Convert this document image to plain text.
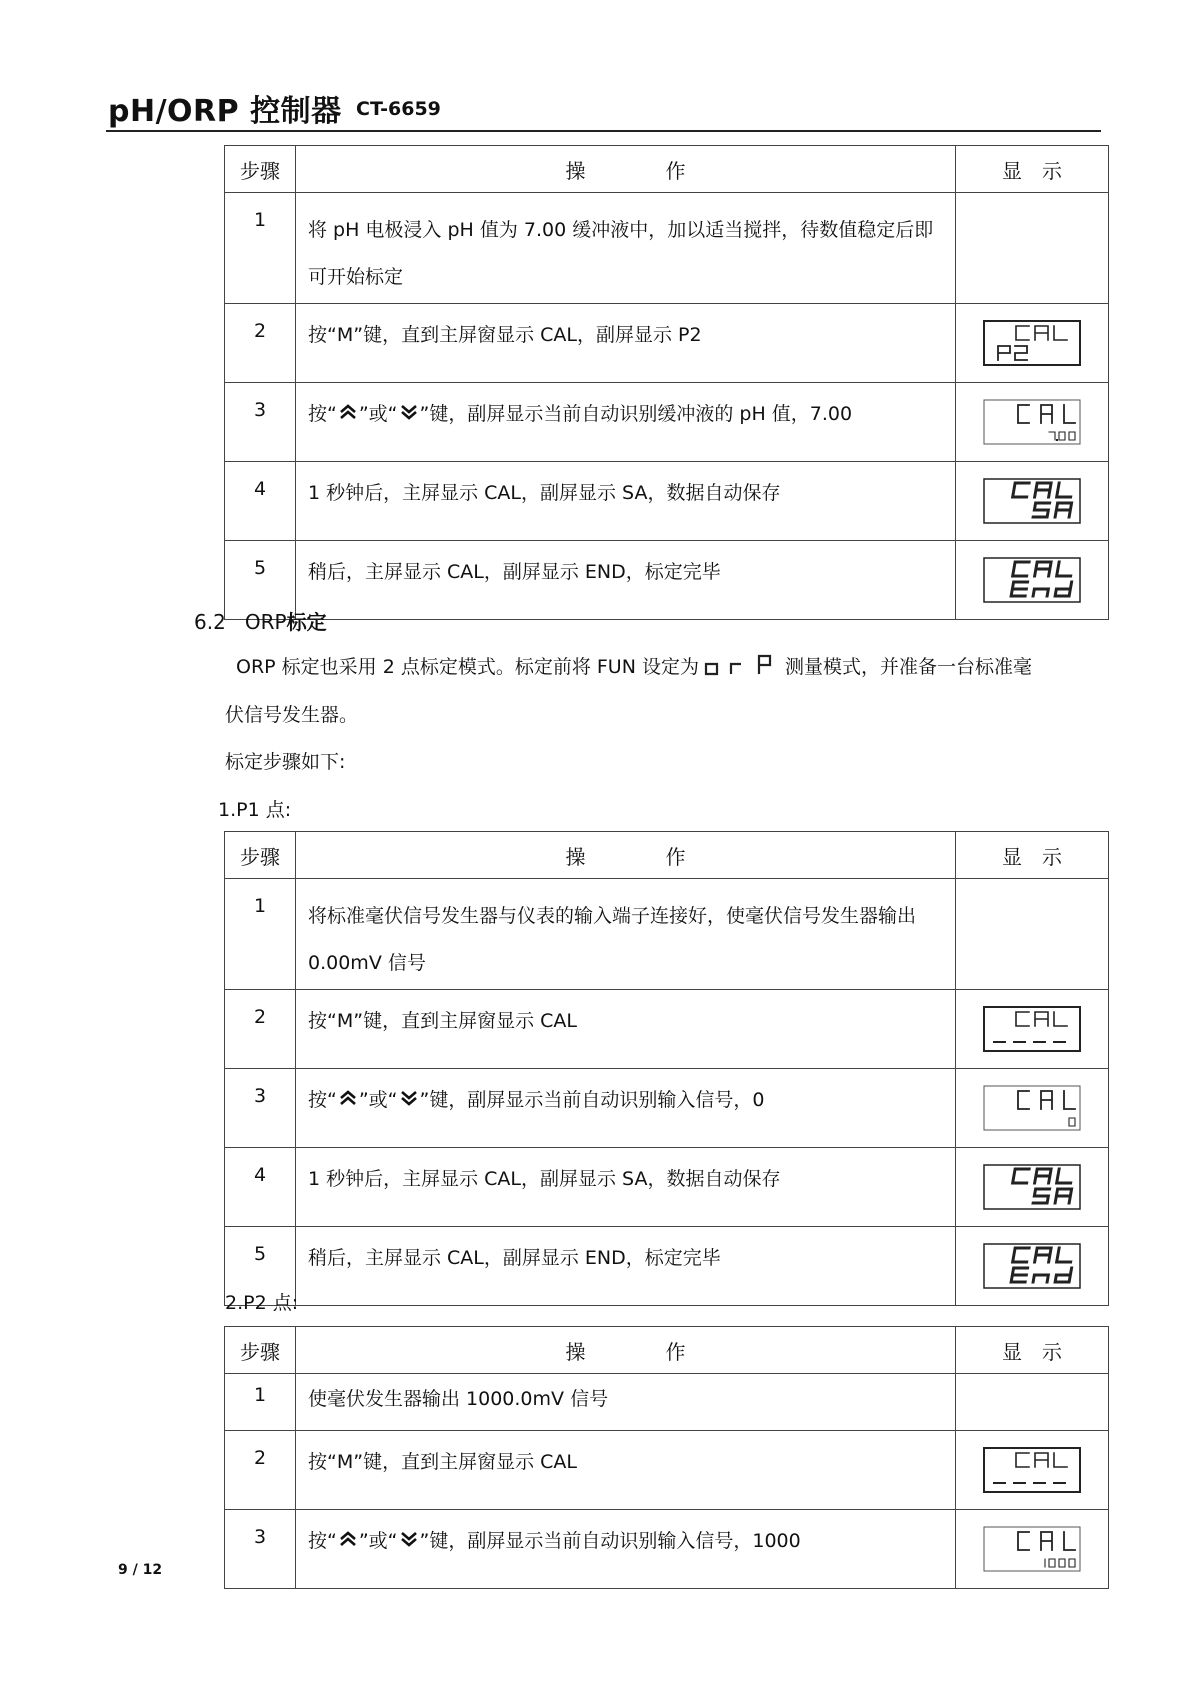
pH/ORP 控制器 CT-6659
步骤	操　　　　作	显　示
1	将 pH 电极浸入 pH 值为 7.00 缓冲液中，加以适当搅拌，待数值稳定后即可开始标定	
2	按“M”键，直到主屏窗显示 CAL，副屏显示 P2	

3	按“ ”或“ ”键，副屏显示当前自动识别缓冲液的 pH 值，7.00	

4	1 秒钟后，主屏显示 CAL，副屏显示 SA，数据自动保存	

5	稍后，主屏显示 CAL，副屏显示 END，标定完毕	
6.2 ORP标定
ORP 标定也采用 2 点标定模式。标定前将 FUN 设定为	测量模式，并准备一台标准毫
伏信号发生器。
标定步骤如下:
1.P1 点:
步骤	操　　　　作	显　示
1	将标准毫伏信号发生器与仪表的输入端子连接好，使毫伏信号发生器输出 0.00mV 信号	
2	按“M”键，直到主屏窗显示 CAL	

3	按“ ”或“ ”键，副屏显示当前自动识别输入信号，0	

4	1 秒钟后，主屏显示 CAL，副屏显示 SA，数据自动保存	

5	稍后，主屏显示 CAL，副屏显示 END，标定完毕	
2.P2 点:
步骤	操　　　　作	显　示
1	使毫伏发生器输出 1000.0mV 信号	
2	按“M”键，直到主屏窗显示 CAL	

3	按“ ”或“ ”键，副屏显示当前自动识别输入信号，1000	
9 / 12
